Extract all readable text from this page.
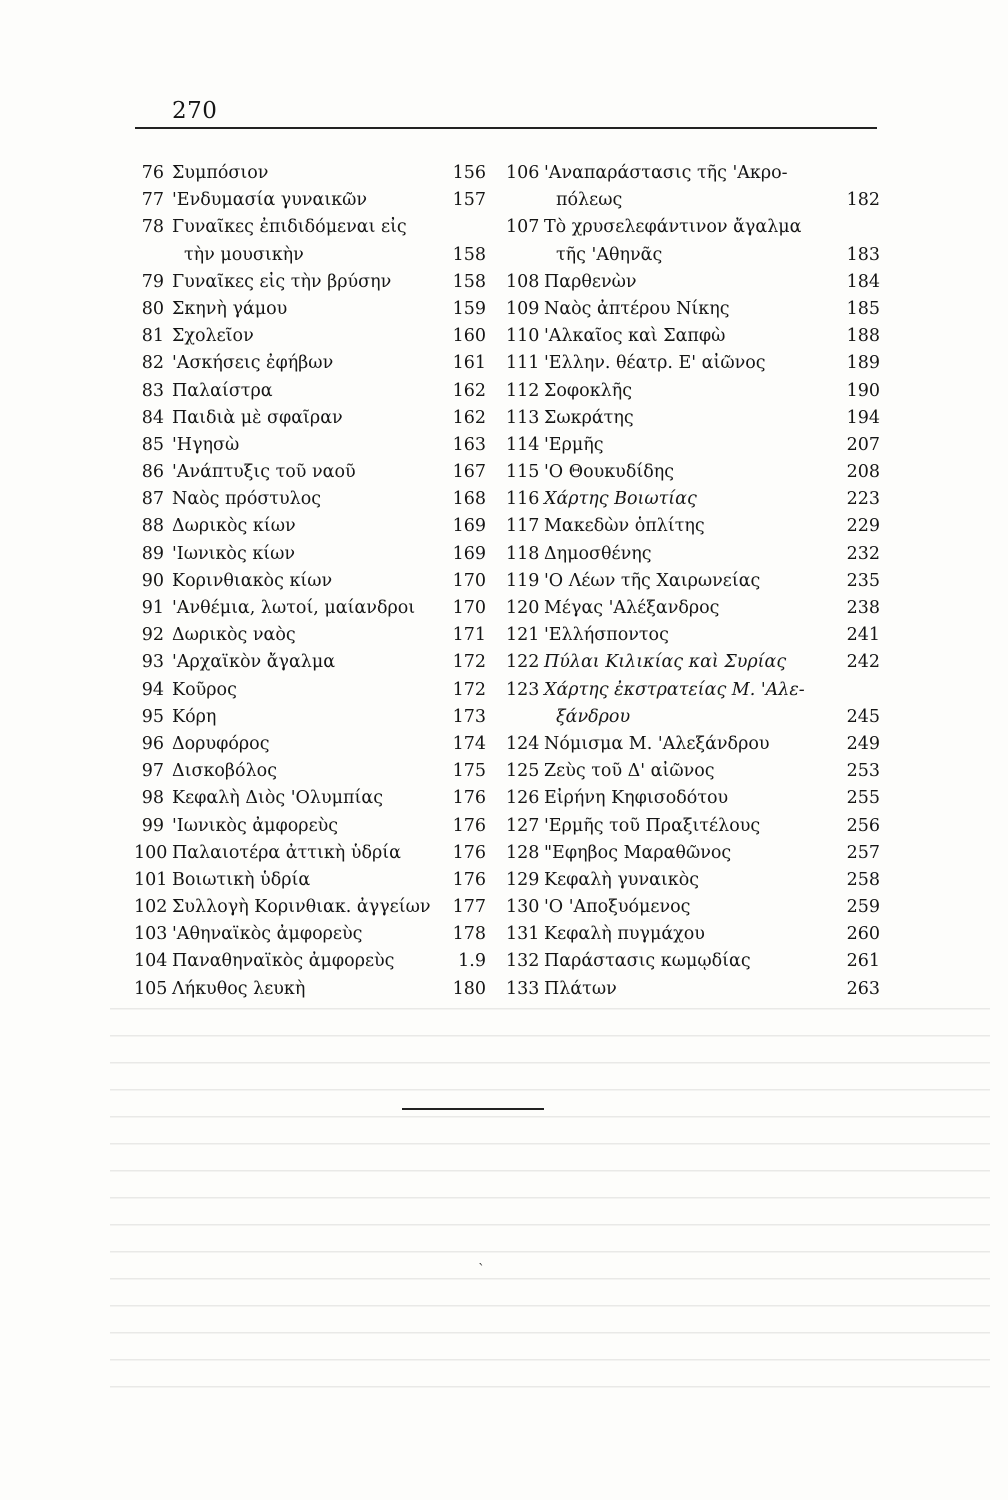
270
76 Συμπόσιον	156
77 'Ενδυμασία γυναικῶν	157
78 Γυναῖκες ἐπιδιδόμεναι εἰς
τὴν μουσικὴν	158
79 Γυναῖκες εἰς τὴν βρύσην	158
80 Σκηνὴ γάμου	159
81 Σχολεῖον	160
82 'Ασκήσεις ἐφήβων	161
83 Παλαίστρα	162
84 Παιδιὰ μὲ σφαῖραν	162
85 'Ηγησὼ	163
86 'Ανάπτυξις τοῦ ναοῦ	167
87 Ναὸς πρόστυλος	168
88 Δωρικὸς κίων	169
89 'Ιωνικὸς κίων	169
90 Κορινθιακὸς κίων	170
91 'Ανθέμια, λωτοί, μαίανδροι 170
92 Δωρικὸς ναὸς	171
93 'Αρχαϊκὸν ἄγαλμα	172
94 Κοῦρος	172
95 Κόρη	173
96 Δορυφόρος	174
97 Δισκοβόλος	175
98 Κεφαλὴ Διὸς 'Ολυμπίας	176
99 'Ιωνικὸς ἀμφορεὺς	176
100 Παλαιοτέρα ἀττικὴ ὑδρία	176
101 Βοιωτικὴ ὑδρία	176
102 Συλλογὴ Κορινθιακ. ἀγγείων 177
103 'Αθηναϊκὸς ἀμφορεὺς	178
104 Παναθηναϊκὸς ἀμφορεὺς	1.9
105 Λήκυθος λευκὴ	180
106 'Αναπαράστασις τῆς 'Ακρο-
πόλεως	182
107 Τὸ χρυσελεφάντινον ἄγαλμα
τῆς 'Αθηνᾶς	183
108 Παρθενὼν	184
109 Ναὸς ἀπτέρου Νίκης	185
110 'Αλκαῖος καὶ Σαπφὼ	188
111 'Ελλην. θέατρ. Ε' αἰῶνος	189
112 Σοφοκλῆς	190
113 Σωκράτης	194
114 'Ερμῆς	207
115 'Ο Θουκυδίδης	208
116 Χάρτης Βοιωτίας	223
117 Μακεδὼν ὁπλίτης	229
118 Δημοσθένης	232
119 'Ο Λέων τῆς Χαιρωνείας	235
120 Μέγας 'Αλέξανδρος	238
121 'Ελλήσποντος	241
122 Πύλαι Κιλικίας καὶ Συρίας	242
123 Χάρτης ἐκστρατείας Μ. 'Αλε-
ξάνδρου	245
124 Νόμισμα Μ. 'Αλεξάνδρου	249
125 Ζεὺς τοῦ Δ' αἰῶνος	253
126 Εἰρήνη Κηφισοδότου	255
127 'Ερμῆς τοῦ Πραξιτέλους	256
128 "Εφηβος Μαραθῶνος	257
129 Κεφαλὴ γυναικὸς	258
130 'Ο 'Αποξυόμενος	259
131 Κεφαλὴ πυγμάχου	260
132 Παράστασις κωμῳδίας	261
133 Πλάτων	263
`
